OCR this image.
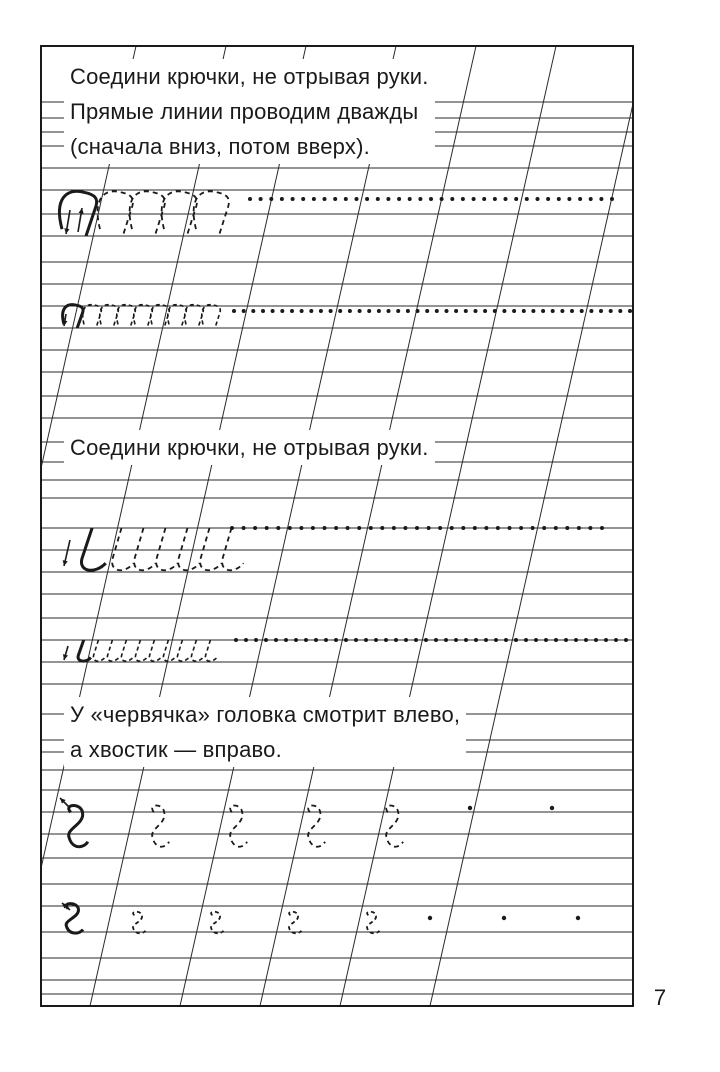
Соедини крючки, не отрывая руки.
Прямые линии проводим дважды
(сначала вниз, потом вверх).
Соедини крючки, не отрывая руки.
У «червячка» головка смотрит влево,
а хвостик — вправо.
7
